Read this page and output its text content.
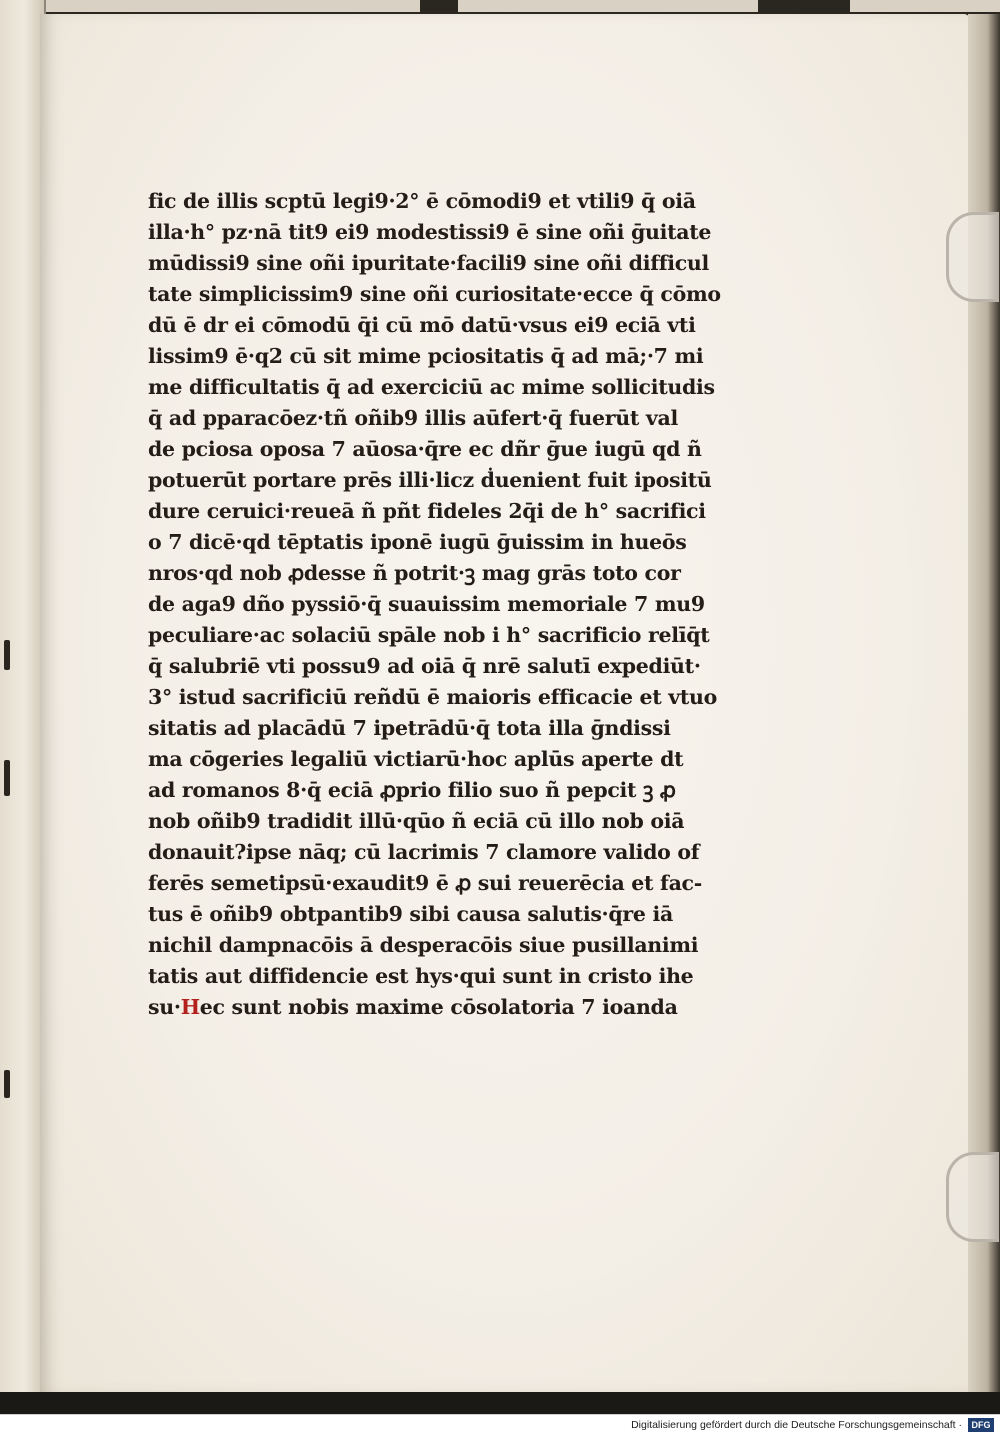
fic de illis scptū legi9·2° ē cōmodi9 et vtili9 q̄ oiā
illa·h° pz·nā tit9 ei9 modestissi9 ē sine oñi ḡuitate
mūdissi9 sine oñi ipuritate·facili9 sine oñi difficul
tate simplicissim9 sine oñi curiositate·ecce q̄ cōmo
dū ē dr ei cōmodū q̄i cū mō datū·vsus ei9 eciā vti
lissim9 ē·q2 cū sit mime pciositatis q̄ ad mā;·7 mi
me difficultatis q̄ ad exerciciū ac mime sollicitudis
q̄ ad pparacōez·tñ oñib9 illis aūfert·q̄ fuerūt val
de pciosa oposa 7 aūosa·q̄re ec dñr ḡue iugū qd ñ
potuerūt portare prēs illi·licz ḋuenient fuit ipositū
dure ceruici·reueā ñ pñt fideles 2q̄i de h° sacrifici
o 7 dicē·qd tēptatis iponē iugū ḡuissim in hueōs
nros·qd nob ꝓdesse ñ potrit·ꝫ mag grās toto cor
de aga9 dño pyssiō·q̄ suauissim memoriale 7 mu9
peculiare·ac solaciū spāle nob i h° sacrificio relīq̄t
q̄ salubriē vti possu9 ad oiā q̄ nrē salutī expediūt·
3° istud sacrificiū reñdū ē maioris efficacie et vtuo
sitatis ad placādū 7 ipetrādū·q̄ tota illa ḡndissi
ma cōgeries legaliū victiarū·hoc aplūs aperte dt
ad romanos 8·q̄ eciā ꝓprio filio suo ñ pepcit ꝫ ꝓ
nob oñib9 tradidit illū·qūo ñ eciā cū illo nob oiā
donauit?ipse nāq; cū lacrimis 7 clamore valido of
ferēs semetipsū·exaudit9 ē ꝓ sui reuerēcia et fac-
tus ē oñib9 obtpantib9 sibi causa salutis·q̄re iā
nichil dampnacōis ā desperacōis siue pusillanimi
tatis aut diffidencie est hys·qui sunt in cristo ihe
su·Hec sunt nobis maxime cōsolatoria 7 ioanda
Digitalisierung gefördert durch die Deutsche Forschungsgemeinschaft ·	DFG
